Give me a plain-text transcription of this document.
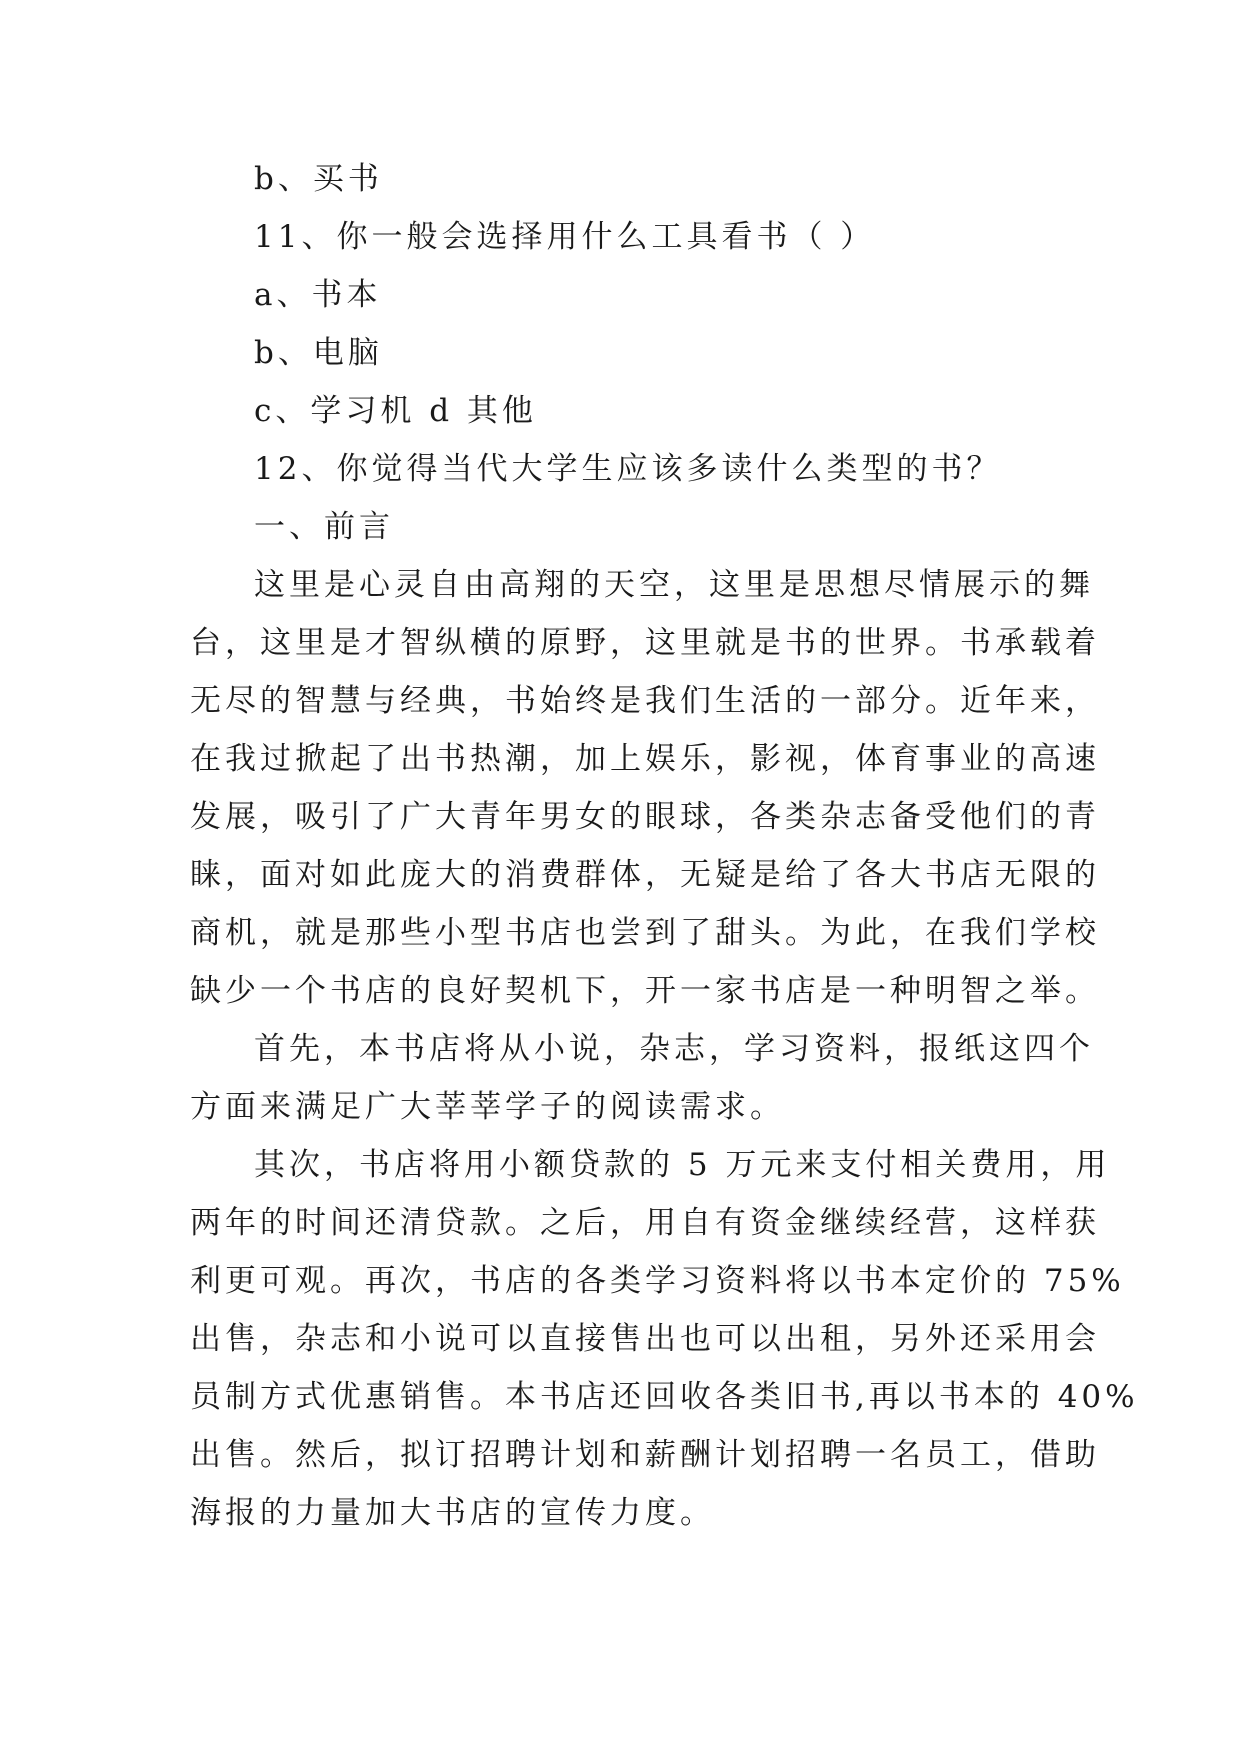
b、买书

11、你一般会选择用什么工具看书（ ）

a、书本

b、电脑

c、学习机 d 其他

12、你觉得当代大学生应该多读什么类型的书？

一、前言

这里是心灵自由高翔的天空，这里是思想尽情展示的舞

台，这里是才智纵横的原野，这里就是书的世界。书承载着

无尽的智慧与经典，书始终是我们生活的一部分。近年来，

在我过掀起了出书热潮，加上娱乐，影视，体育事业的高速

发展，吸引了广大青年男女的眼球，各类杂志备受他们的青

睐，面对如此庞大的消费群体，无疑是给了各大书店无限的

商机，就是那些小型书店也尝到了甜头。为此，在我们学校

缺少一个书店的良好契机下，开一家书店是一种明智之举。

首先，本书店将从小说，杂志，学习资料，报纸这四个

方面来满足广大莘莘学子的阅读需求。

其次，书店将用小额贷款的 5 万元来支付相关费用，用

两年的时间还清贷款。之后，用自有资金继续经营，这样获

利更可观。再次，书店的各类学习资料将以书本定价的 75%

出售，杂志和小说可以直接售出也可以出租，另外还采用会

员制方式优惠销售。本书店还回收各类旧书,再以书本的 40%

出售。然后，拟订招聘计划和薪酬计划招聘一名员工，借助

海报的力量加大书店的宣传力度。
